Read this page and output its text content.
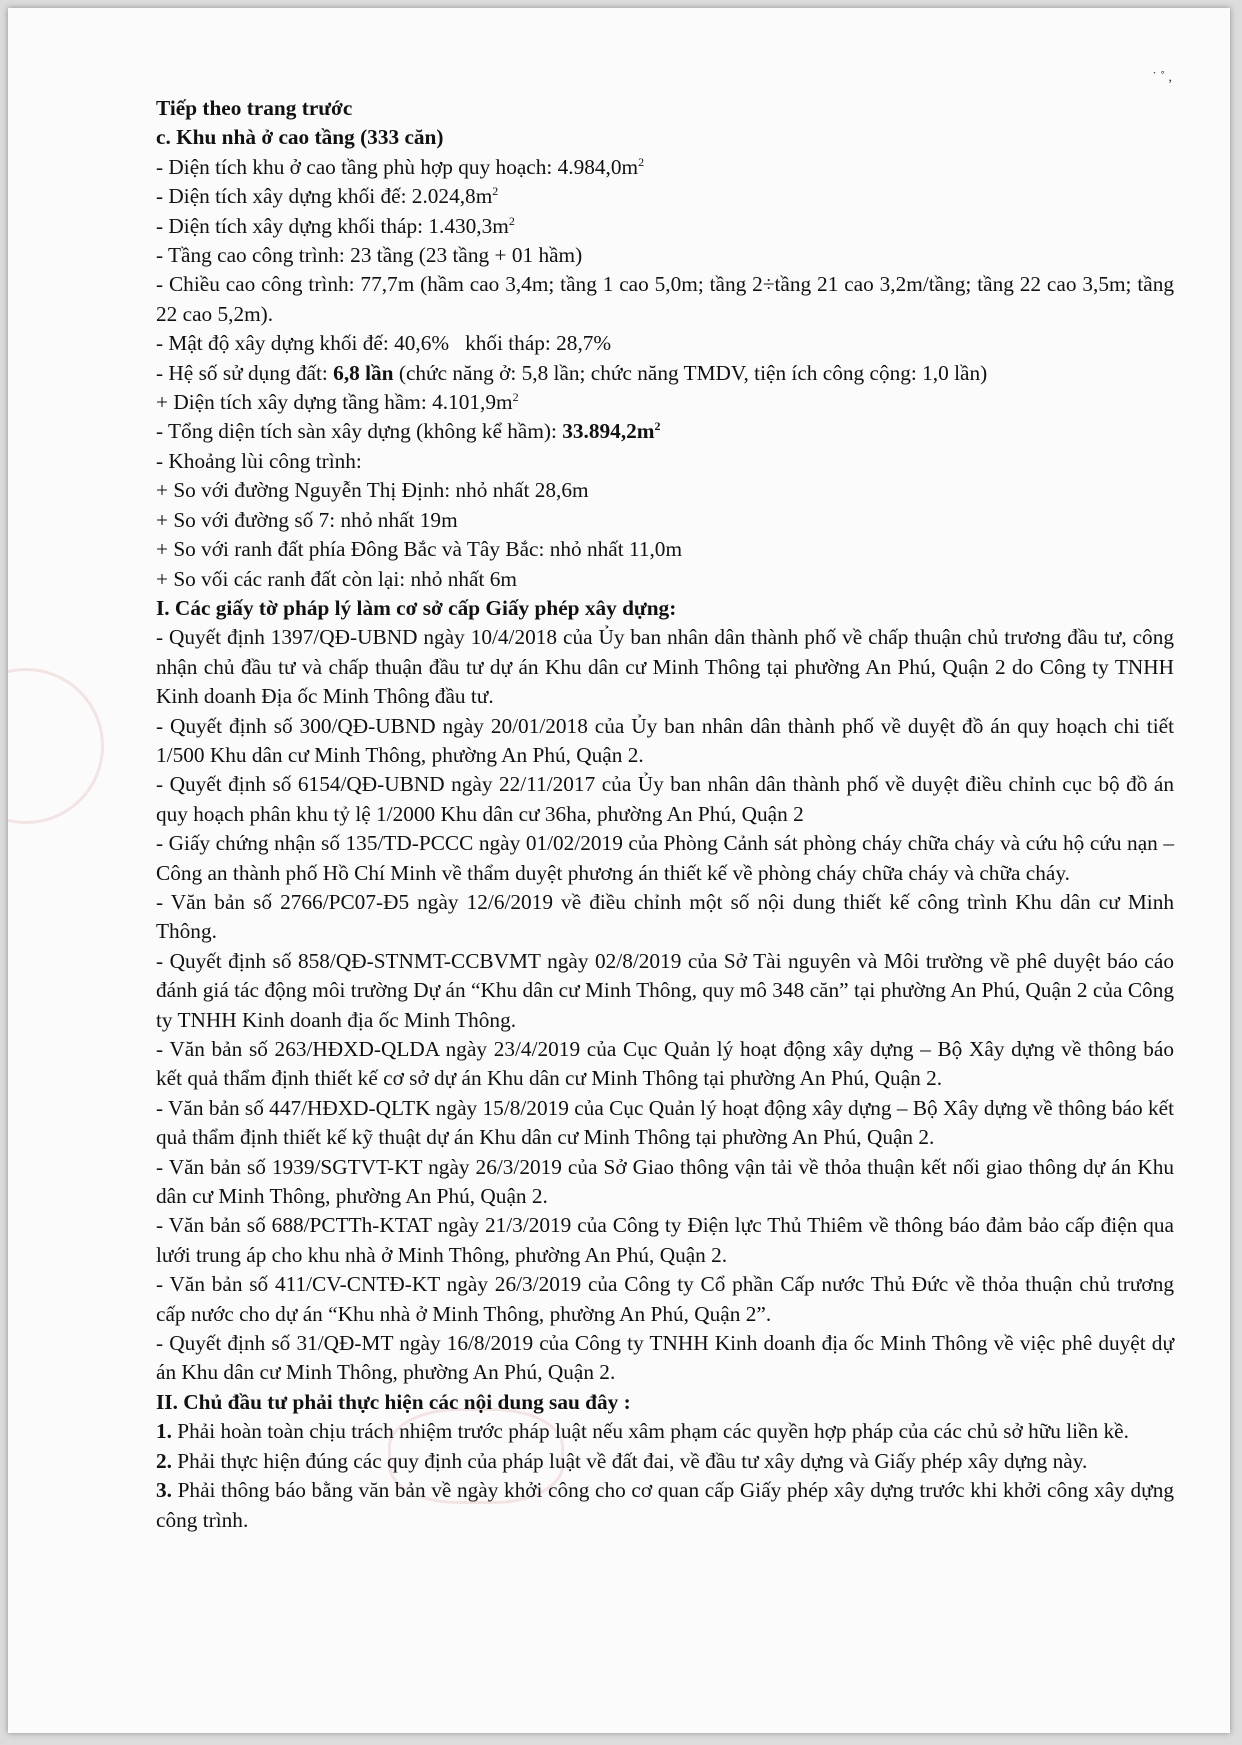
˙ ˚ ,
Tiếp theo trang trước
c. Khu nhà ở cao tầng (333 căn)
- Diện tích khu ở cao tầng phù hợp quy hoạch: $4.984,0m^2$
- Diện tích xây dựng khối đế: $2.024,8m^2$
- Diện tích xây dựng khối tháp: $1.430,3m^2$
- Tầng cao công trình: 23 tầng (23 tầng + 01 hầm)
- Chiều cao công trình: 77,7m (hầm cao 3,4m; tầng 1 cao 5,0m; tầng 2÷tầng 21 cao 3,2m/tầng; tầng 22 cao 3,5m; tầng 22 cao 5,2m).
- Mật độ xây dựng khối đế: 40,6%   khối tháp: 28,7%
- Hệ số sử dụng đất: 6,8 lần (chức năng ở: 5,8 lần; chức năng TMDV, tiện ích công cộng: 1,0 lần)
+ Diện tích xây dựng tầng hầm: $4.101,9m^2$
- Tổng diện tích sàn xây dựng (không kể hầm): $33.894,2m^2$
- Khoảng lùi công trình:
+ So với đường Nguyễn Thị Định: nhỏ nhất 28,6m
+ So với đường số 7: nhỏ nhất 19m
+ So với ranh đất phía Đông Bắc và Tây Bắc: nhỏ nhất 11,0m
+ So vối các ranh đất còn lại: nhỏ nhất 6m
I. Các giấy tờ pháp lý làm cơ sở cấp Giấy phép xây dựng:
- Quyết định 1397/QĐ-UBND ngày 10/4/2018 của Ủy ban nhân dân thành phố về chấp thuận chủ trương đầu tư, công nhận chủ đầu tư và chấp thuận đầu tư dự án Khu dân cư Minh Thông tại phường An Phú, Quận 2 do Công ty TNHH Kinh doanh Địa ốc Minh Thông đầu tư.
- Quyết định số 300/QĐ-UBND ngày 20/01/2018 của Ủy ban nhân dân thành phố về duyệt đồ án quy hoạch chi tiết 1/500 Khu dân cư Minh Thông, phường An Phú, Quận 2.
- Quyết định số 6154/QĐ-UBND ngày 22/11/2017 của Ủy ban nhân dân thành phố về duyệt điều chỉnh cục bộ đồ án quy hoạch phân khu tỷ lệ 1/2000 Khu dân cư 36ha, phường An Phú, Quận 2
- Giấy chứng nhận số 135/TD-PCCC ngày 01/02/2019 của Phòng Cảnh sát phòng cháy chữa cháy và cứu hộ cứu nạn – Công an thành phố Hồ Chí Minh về thẩm duyệt phương án thiết kế về phòng cháy chữa cháy và chữa cháy.
- Văn bản số 2766/PC07-Đ5 ngày 12/6/2019 về điều chỉnh một số nội dung thiết kế công trình Khu dân cư Minh Thông.
- Quyết định số 858/QĐ-STNMT-CCBVMT ngày 02/8/2019 của Sở Tài nguyên và Môi trường về phê duyệt báo cáo đánh giá tác động môi trường Dự án “Khu dân cư Minh Thông, quy mô 348 căn” tại phường An Phú, Quận 2 của Công ty TNHH Kinh doanh địa ốc Minh Thông.
- Văn bản số 263/HĐXD-QLDA ngày 23/4/2019 của Cục Quản lý hoạt động xây dựng – Bộ Xây dựng về thông báo kết quả thẩm định thiết kế cơ sở dự án Khu dân cư Minh Thông tại phường An Phú, Quận 2.
- Văn bản số 447/HĐXD-QLTK ngày 15/8/2019 của Cục Quản lý hoạt động xây dựng – Bộ Xây dựng về thông báo kết quả thẩm định thiết kế kỹ thuật dự án Khu dân cư Minh Thông tại phường An Phú, Quận 2.
- Văn bản số 1939/SGTVT-KT ngày 26/3/2019 của Sở Giao thông vận tải về thỏa thuận kết nối giao thông dự án Khu dân cư Minh Thông, phường An Phú, Quận 2.
- Văn bản số 688/PCTTh-KTAT ngày 21/3/2019 của Công ty Điện lực Thủ Thiêm về thông báo đảm bảo cấp điện qua lưới trung áp cho khu nhà ở Minh Thông, phường An Phú, Quận 2.
- Văn bản số 411/CV-CNTĐ-KT ngày 26/3/2019 của Công ty Cổ phần Cấp nước Thủ Đức về thỏa thuận chủ trương cấp nước cho dự án “Khu nhà ở Minh Thông, phường An Phú, Quận 2”.
- Quyết định số 31/QĐ-MT ngày 16/8/2019 của Công ty TNHH Kinh doanh địa ốc Minh Thông về việc phê duyệt dự án Khu dân cư Minh Thông, phường An Phú, Quận 2.
II. Chủ đầu tư phải thực hiện các nội dung sau đây :
1. Phải hoàn toàn chịu trách nhiệm trước pháp luật nếu xâm phạm các quyền hợp pháp của các chủ sở hữu liền kề.
2. Phải thực hiện đúng các quy định của pháp luật về đất đai, về đầu tư xây dựng và Giấy phép xây dựng này.
3. Phải thông báo bằng văn bản về ngày khởi công cho cơ quan cấp Giấy phép xây dựng trước khi khởi công xây dựng công trình.
